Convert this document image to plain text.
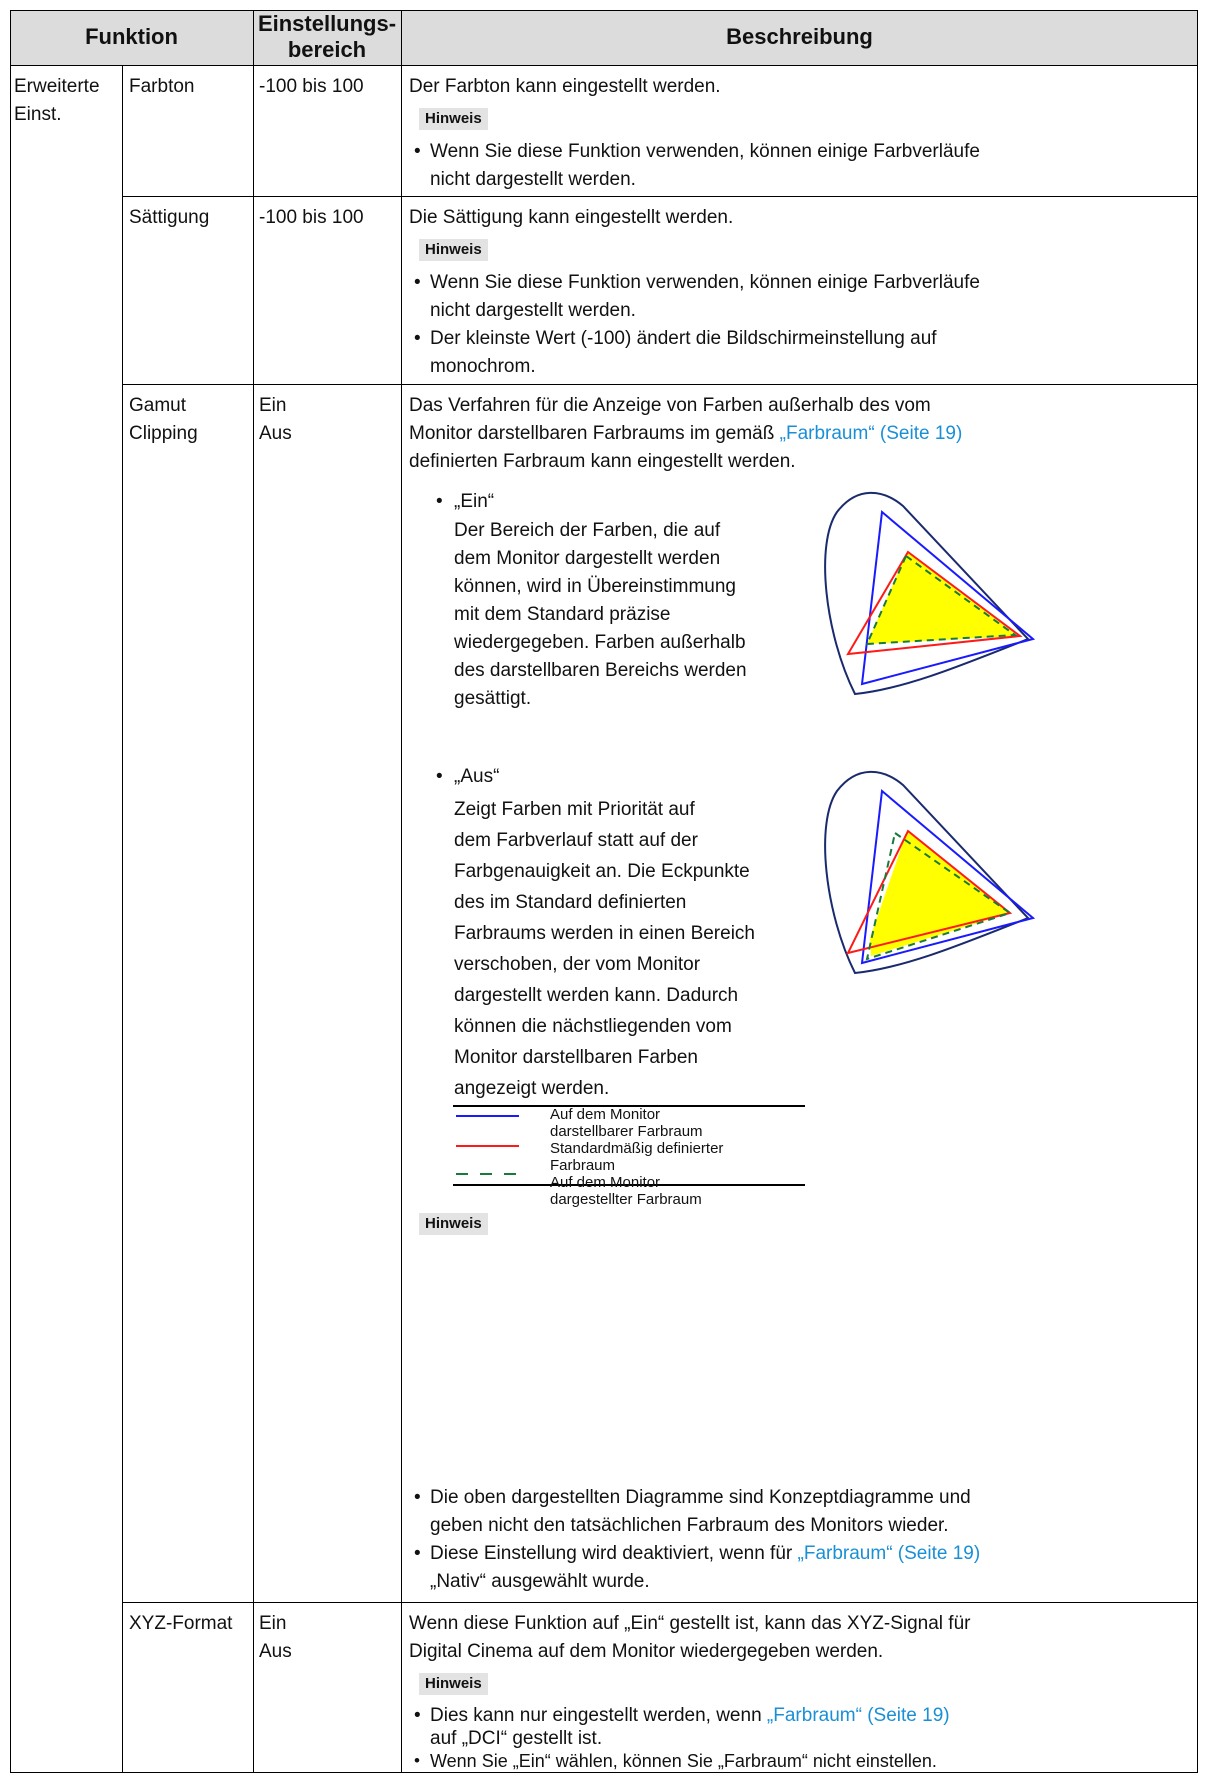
Funktion
Einstellungs-
bereich
Beschreibung
Erweiterte
Einst.
Farbton	-100 bis 100 Der Farbton kann eingestellt werden.
Hinweis
• Wenn Sie diese Funktion verwenden, können einige Farbverläufe
nicht dargestellt werden.
Sättigung	-100 bis 100 Die Sättigung kann eingestellt werden.
Hinweis
• Wenn Sie diese Funktion verwenden, können einige Farbverläufe
nicht dargestellt werden.
• Der kleinste Wert (-100) ändert die Bildschirmeinstellung auf
monochrom.
Gamut
Clipping
Ein
Aus
Das Verfahren für die Anzeige von Farben außerhalb des vom
Monitor darstellbaren Farbraums im gemäß „Farbraum“ (Seite 19)
definierten Farbraum kann eingestellt werden.
• „Ein“
Der Bereich der Farben, die auf
dem Monitor dargestellt werden
können, wird in Übereinstimmung
mit dem Standard präzise
wiedergegeben. Farben außerhalb
des darstellbaren Bereichs werden
gesättigt.
• „Aus“
Zeigt Farben mit Priorität auf
dem Farbverlauf statt auf der
Farbgenauigkeit an. Die Eckpunkte
des im Standard definierten
Farbraums werden in einen Bereich
verschoben, der vom Monitor
dargestellt werden kann. Dadurch
können die nächstliegenden vom
Monitor darstellbaren Farben
angezeigt werden.
Auf dem Monitor
darstellbarer Farbraum
Standardmäßig definierter
Farbraum
Auf dem Monitor
dargestellter Farbraum
Hinweis
• Die oben dargestellten Diagramme sind Konzeptdiagramme und
geben nicht den tatsächlichen Farbraum des Monitors wieder.
• Diese Einstellung wird deaktiviert, wenn für „Farbraum“ (Seite 19)
„Nativ“ ausgewählt wurde.
XYZ-Format Ein
Aus
Wenn diese Funktion auf „Ein“ gestellt ist, kann das XYZ-Signal für
Digital Cinema auf dem Monitor wiedergegeben werden.
Hinweis
• Dies kann nur eingestellt werden, wenn „Farbraum“ (Seite 19)
auf „DCI“ gestellt ist.
• Wenn Sie „Ein“ wählen, können Sie „Farbraum“ nicht einstellen.
